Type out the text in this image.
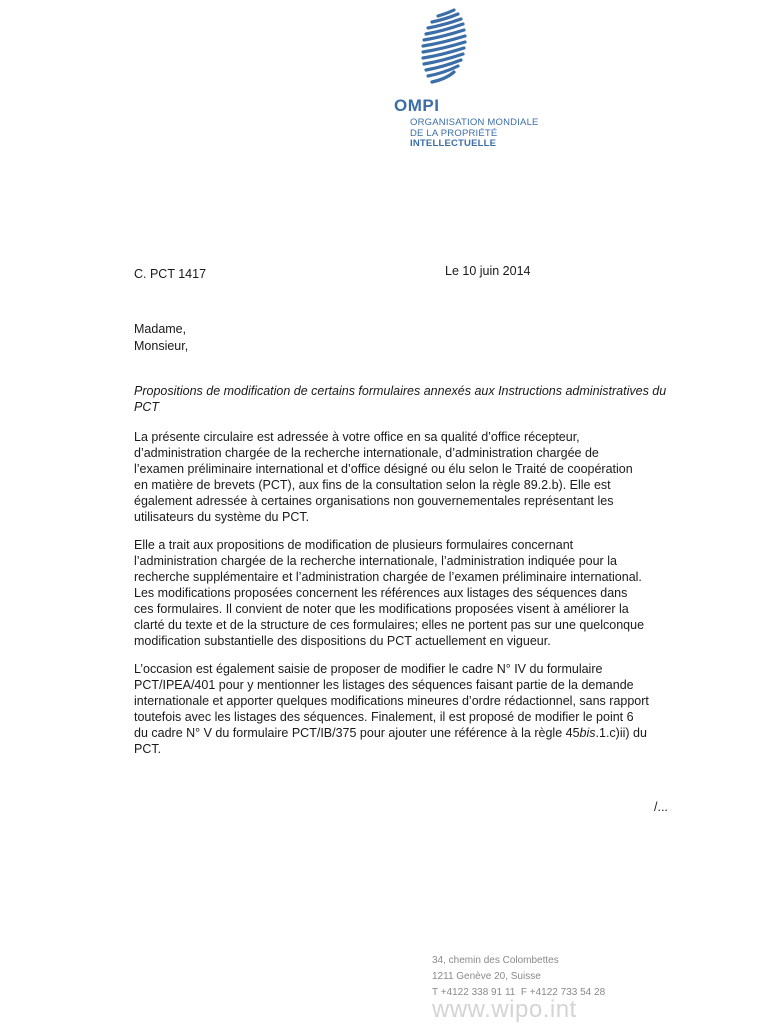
OMPI
ORGANISATION MONDIALE
DE LA PROPRIÉTÉ
INTELLECTUELLE
C. PCT 1417	Le 10 juin 2014
Madame,
Monsieur,
Propositions de modification de certains formulaires annexés aux Instructions administratives du PCT
La présente circulaire est adressée à votre office en sa qualité d’office récepteur,
d’administration chargée de la recherche internationale, d’administration chargée de
l’examen préliminaire international et d’office désigné ou élu selon le Traité de coopération
en matière de brevets (PCT), aux fins de la consultation selon la règle 89.2.b). Elle est
également adressée à certaines organisations non gouvernementales représentant les
utilisateurs du système du PCT.
Elle a trait aux propositions de modification de plusieurs formulaires concernant
l’administration chargée de la recherche internationale, l’administration indiquée pour la
recherche supplémentaire et l’administration chargée de l’examen préliminaire international.
Les modifications proposées concernent les références aux listages des séquences dans
ces formulaires. Il convient de noter que les modifications proposées visent à améliorer la
clarté du texte et de la structure de ces formulaires; elles ne portent pas sur une quelconque
modification substantielle des dispositions du PCT actuellement en vigueur.
L’occasion est également saisie de proposer de modifier le cadre N° IV du formulaire
PCT/IPEA/401 pour y mentionner les listages des séquences faisant partie de la demande
internationale et apporter quelques modifications mineures d’ordre rédactionnel, sans rapport
toutefois avec les listages des séquences. Finalement, il est proposé de modifier le point 6
du cadre N° V du formulaire PCT/IB/375 pour ajouter une référence à la règle 45bis.1.c)ii) du
PCT.
/...
34, chemin des Colombettes
1211 Genève 20, Suisse
T +4122 338 91 11 F +4122 733 54 28
www.wipo.int
